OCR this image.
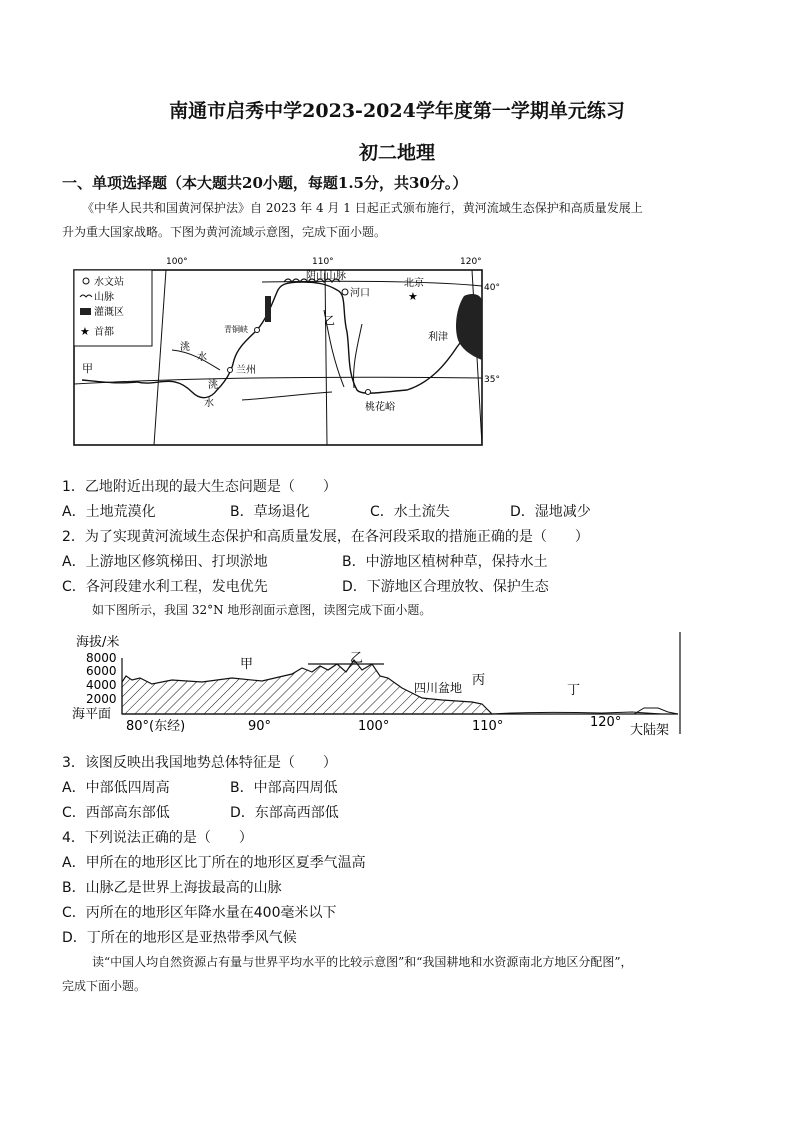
南通市启秀中学2023-2024学年度第一学期单元练习
初二地理
一、单项选择题（本大题共20小题，每题1.5分，共30分。）
《中华人民共和国黄河保护法》自 2023 年 4 月 1 日起正式颁布施行，黄河流域生态保护和高质量发展上
升为重大国家战略。下图为黄河流域示意图，完成下面小题。
水文站
山脉
灌溉区
★ 首都
100°	110°	120°
40°
35°
阴山山脉
河口
北京
★
青铜峡
乙
利津
洮
水
兰州
甲
洮
水	桃花峪
1．乙地附近出现的最大生态问题是（　　）
A．土地荒漠化	B．草场退化	C．水土流失	D．湿地减少
2．为了实现黄河流域生态保护和高质量发展，在各河段采取的措施正确的是（　　）
A．上游地区修筑梯田、打坝淤地	B．中游地区植树种草，保持水土
C．各河段建水利工程，发电优先	D．下游地区合理放牧、保护生态
如下图所示，我国 32°N 地形剖面示意图，读图完成下面小题。
海拔/米
8000
6000
4000
2000
海平面
甲	乙
四川盆地 丙
丁
80°(东经)	90°	100°	110°	120°
大陆架
3．该图反映出我国地势总体特征是（　　）
A．中部低四周高	B．中部高四周低
C．西部高东部低	D．东部高西部低
4．下列说法正确的是（　　）
A．甲所在的地形区比丁所在的地形区夏季气温高
B．山脉乙是世界上海拔最高的山脉
C．丙所在的地形区年降水量在400毫米以下
D．丁所在的地形区是亚热带季风气候
读“中国人均自然资源占有量与世界平均水平的比较示意图”和“我国耕地和水资源南北方地区分配图”，
完成下面小题。
